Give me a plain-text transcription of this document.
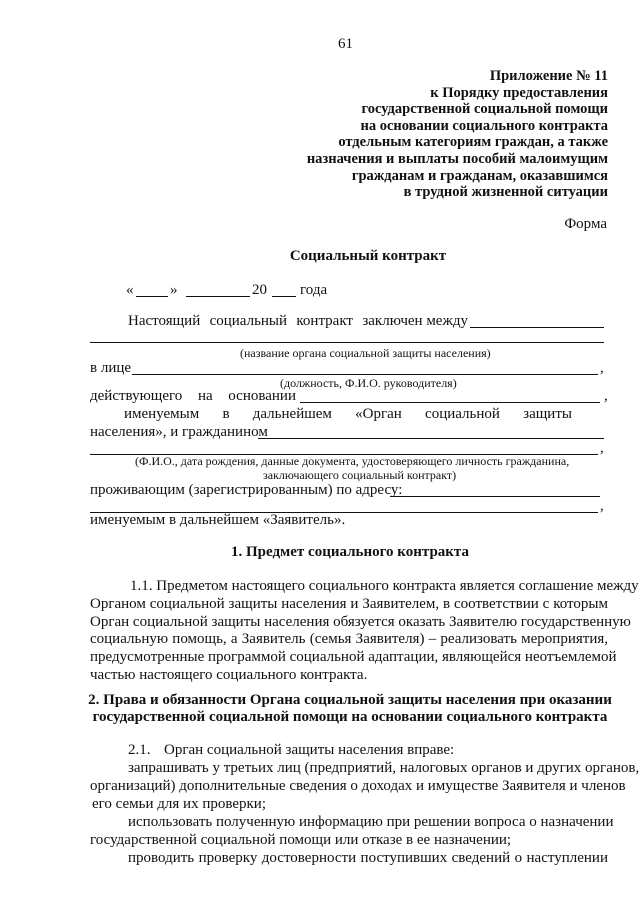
61
Приложение № 11
к Порядку предоставления
государственной социальной помощи
на основании социального контракта
отдельным категориям граждан, а также
назначения и выплаты пособий малоимущим
гражданам и гражданам, оказавшимся
в трудной жизненной ситуации
Форма
Социальный контракт
« »	20 года
Настоящий социальный контракт заключен между
(название органа социальной защиты населения)
в лице	,
(должность, Ф.И.О. руководителя)
действующего на основании	,
именуемым в дальнейшем «Орган социальной защиты
населения», и гражданином
,
(Ф.И.О., дата рождения, данные документа, удостоверяющего личность гражданина,
заключающего социальный контракт)
проживающим (зарегистрированным) по адресу:
,
именуемым в дальнейшем «Заявитель».
1. Предмет социального контракта
1.1. Предметом настоящего социального контракта является соглашение между
Органом социальной защиты населения и Заявителем, в соответствии с которым
Орган социальной защиты населения обязуется оказать Заявителю государственную
социальную помощь, а Заявитель (семья Заявителя) – реализовать мероприятия,
предусмотренные программой социальной адаптации, являющейся неотъемлемой
частью настоящего социального контракта.
2. Права и обязанности Органа социальной защиты населения при оказании
государственной социальной помощи на основании социального контракта
2.1. Орган социальной защиты населения вправе:
запрашивать у третьих лиц (предприятий, налоговых органов и других органов,
организаций) дополнительные сведения о доходах и имуществе Заявителя и членов
его семьи для их проверки;
использовать полученную информацию при решении вопроса о назначении
государственной социальной помощи или отказе в ее назначении;
проводить проверку достоверности поступивших сведений о наступлении
